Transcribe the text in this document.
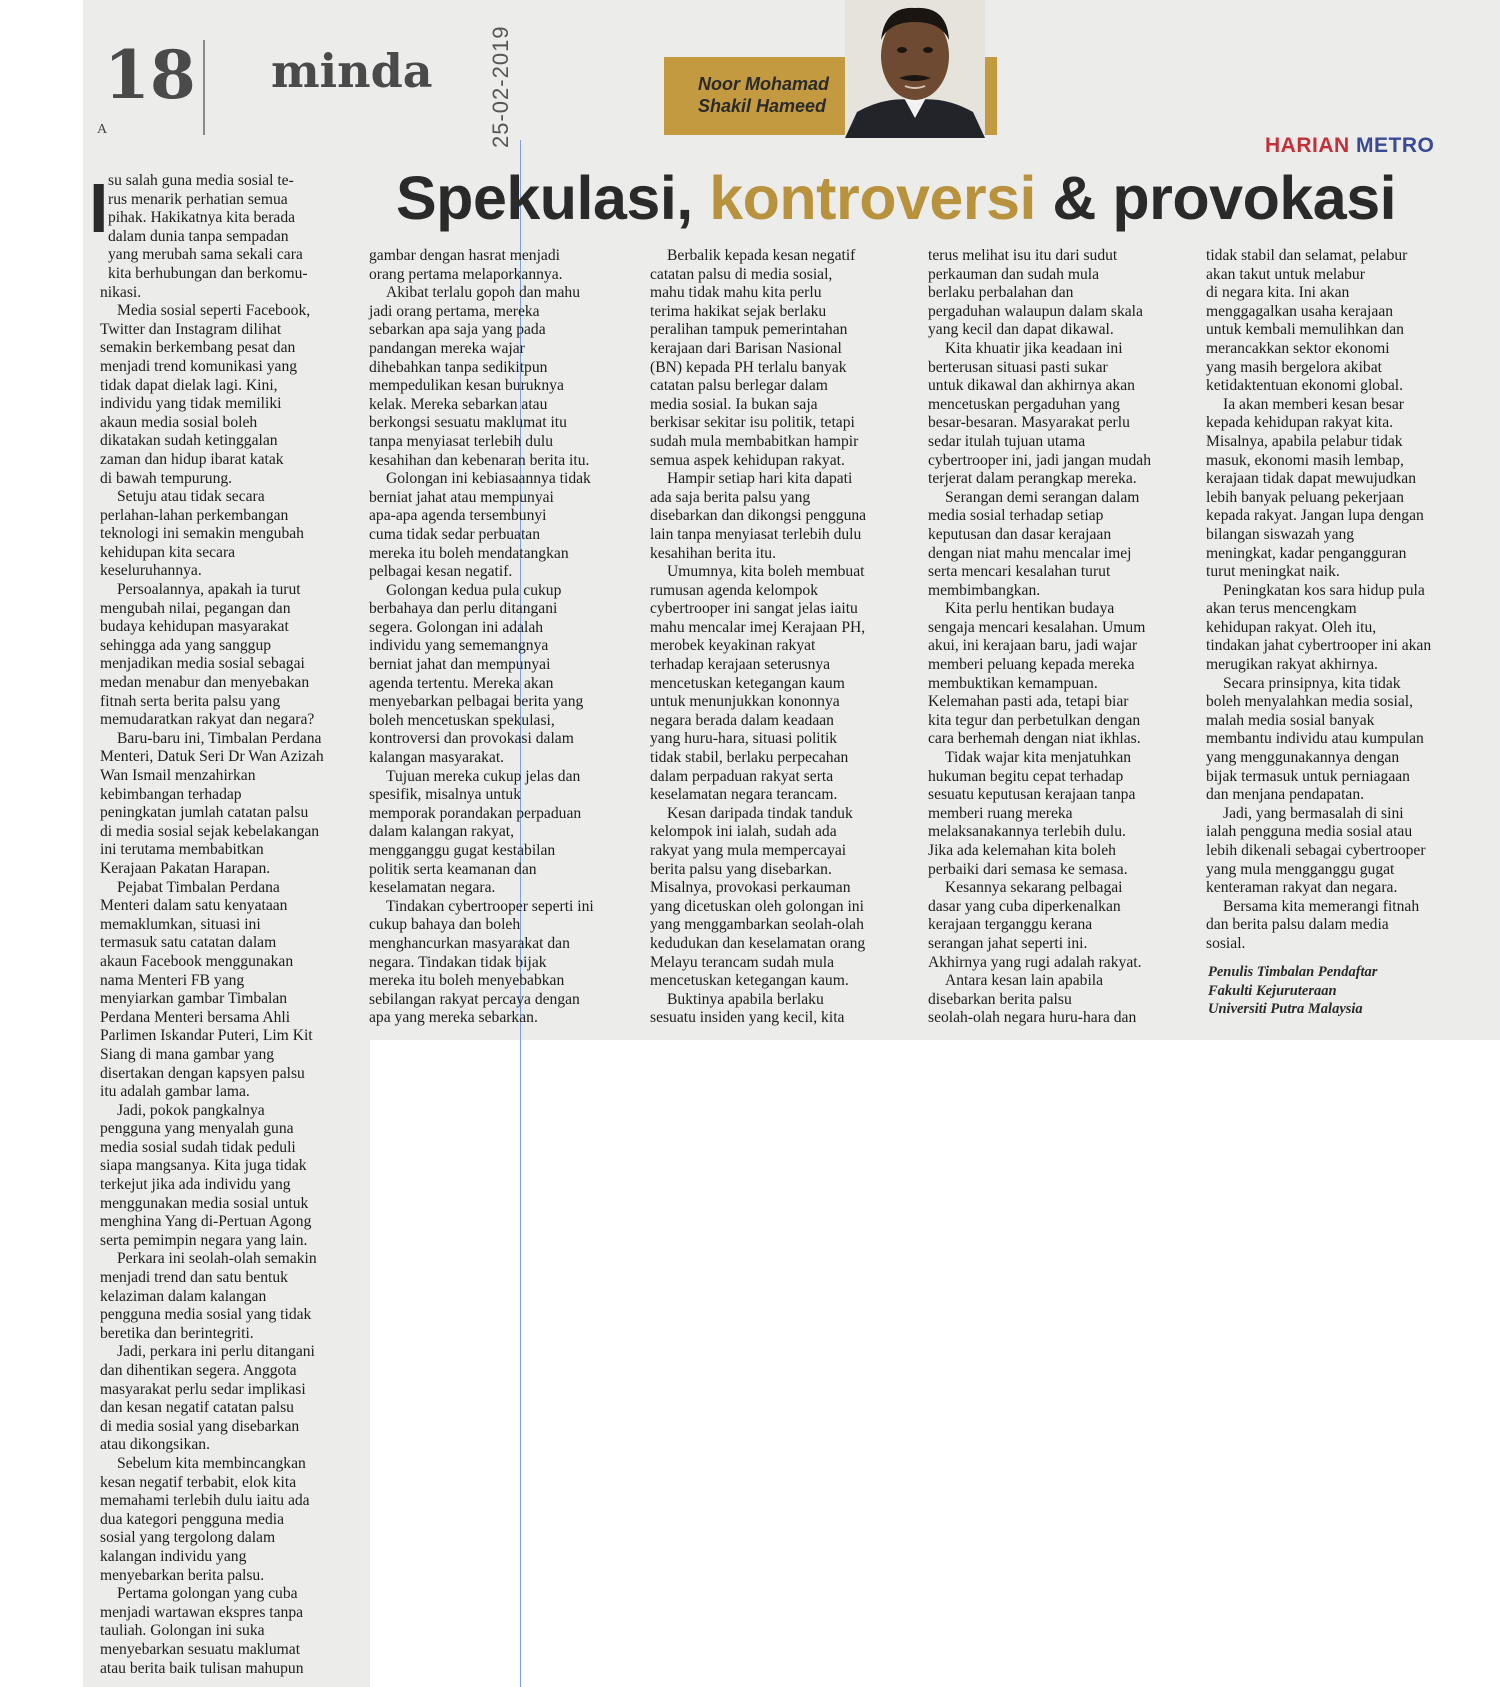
18
A
minda	25-02-2019	Noor Mohamad
Shakil Hameed
HARIAN METRO
Spekulasi, kontroversi & provokasi
I su salah guna media sosial te-
rus menarik perhatian semua
pihak. Hakikatnya kita berada
dalam dunia tanpa sempadan
yang merubah sama sekali cara
kita berhubungan dan berkomu-
nikasi.
Media sosial seperti Facebook,
Twitter dan Instagram dilihat
semakin berkembang pesat dan
menjadi trend komunikasi yang
tidak dapat dielak lagi. Kini,
individu yang tidak memiliki
akaun media sosial boleh
dikatakan sudah ketinggalan
zaman dan hidup ibarat katak
di bawah tempurung.
Setuju atau tidak secara
perlahan-lahan perkembangan
teknologi ini semakin mengubah
kehidupan kita secara
keseluruhannya.
Persoalannya, apakah ia turut
mengubah nilai, pegangan dan
budaya kehidupan masyarakat
sehingga ada yang sanggup
menjadikan media sosial sebagai
medan menabur dan menyebakan
fitnah serta berita palsu yang
memudaratkan rakyat dan negara?
Baru-baru ini, Timbalan Perdana
Menteri, Datuk Seri Dr Wan Azizah
Wan Ismail menzahirkan
kebimbangan terhadap
peningkatan jumlah catatan palsu
di media sosial sejak kebelakangan
ini terutama membabitkan
Kerajaan Pakatan Harapan.
Pejabat Timbalan Perdana
Menteri dalam satu kenyataan
memaklumkan, situasi ini
termasuk satu catatan dalam
akaun Facebook menggunakan
nama Menteri FB yang
menyiarkan gambar Timbalan
Perdana Menteri bersama Ahli
Parlimen Iskandar Puteri, Lim Kit
Siang di mana gambar yang
disertakan dengan kapsyen palsu
itu adalah gambar lama.
Jadi, pokok pangkalnya
pengguna yang menyalah guna
media sosial sudah tidak peduli
siapa mangsanya. Kita juga tidak
terkejut jika ada individu yang
menggunakan media sosial untuk
menghina Yang di-Pertuan Agong
serta pemimpin negara yang lain.
Perkara ini seolah-olah semakin
menjadi trend dan satu bentuk
kelaziman dalam kalangan
pengguna media sosial yang tidak
beretika dan berintegriti.
Jadi, perkara ini perlu ditangani
dan dihentikan segera. Anggota
masyarakat perlu sedar implikasi
dan kesan negatif catatan palsu
di media sosial yang disebarkan
atau dikongsikan.
Sebelum kita membincangkan
kesan negatif terbabit, elok kita
memahami terlebih dulu iaitu ada
dua kategori pengguna media
sosial yang tergolong dalam
kalangan individu yang
menyebarkan berita palsu.
Pertama golongan yang cuba
menjadi wartawan ekspres tanpa
tauliah. Golongan ini suka
menyebarkan sesuatu maklumat
atau berita baik tulisan mahupun
gambar dengan hasrat menjadi
orang pertama melaporkannya.
Akibat terlalu gopoh dan mahu
jadi orang pertama, mereka
sebarkan apa saja yang pada
pandangan mereka wajar
dihebahkan tanpa sedikitpun
mempedulikan kesan buruknya
kelak. Mereka sebarkan atau
berkongsi sesuatu maklumat itu
tanpa menyiasat terlebih dulu
kesahihan dan kebenaran berita itu.
Golongan ini kebiasaannya tidak
berniat jahat atau mempunyai
apa-apa agenda tersembunyi
cuma tidak sedar perbuatan
mereka itu boleh mendatangkan
pelbagai kesan negatif.
Golongan kedua pula cukup
berbahaya dan perlu ditangani
segera. Golongan ini adalah
individu yang sememangnya
berniat jahat dan mempunyai
agenda tertentu. Mereka akan
menyebarkan pelbagai berita yang
boleh mencetuskan spekulasi,
kontroversi dan provokasi dalam
kalangan masyarakat.
Tujuan mereka cukup jelas dan
spesifik, misalnya untuk
memporak porandakan perpaduan
dalam kalangan rakyat,
mengganggu gugat kestabilan
politik serta keamanan dan
keselamatan negara.
Tindakan cybertrooper seperti ini
cukup bahaya dan boleh
menghancurkan masyarakat dan
negara. Tindakan tidak bijak
mereka itu boleh menyebabkan
sebilangan rakyat percaya dengan
apa yang mereka sebarkan.
Berbalik kepada kesan negatif
catatan palsu di media sosial,
mahu tidak mahu kita perlu
terima hakikat sejak berlaku
peralihan tampuk pemerintahan
kerajaan dari Barisan Nasional
(BN) kepada PH terlalu banyak
catatan palsu berlegar dalam
media sosial. Ia bukan saja
berkisar sekitar isu politik, tetapi
sudah mula membabitkan hampir
semua aspek kehidupan rakyat.
Hampir setiap hari kita dapati
ada saja berita palsu yang
disebarkan dan dikongsi pengguna
lain tanpa menyiasat terlebih dulu
kesahihan berita itu.
Umumnya, kita boleh membuat
rumusan agenda kelompok
cybertrooper ini sangat jelas iaitu
mahu mencalar imej Kerajaan PH,
merobek keyakinan rakyat
terhadap kerajaan seterusnya
mencetuskan ketegangan kaum
untuk menunjukkan kononnya
negara berada dalam keadaan
yang huru-hara, situasi politik
tidak stabil, berlaku perpecahan
dalam perpaduan rakyat serta
keselamatan negara terancam.
Kesan daripada tindak tanduk
kelompok ini ialah, sudah ada
rakyat yang mula mempercayai
berita palsu yang disebarkan.
Misalnya, provokasi perkauman
yang dicetuskan oleh golongan ini
yang menggambarkan seolah-olah
kedudukan dan keselamatan orang
Melayu terancam sudah mula
mencetuskan ketegangan kaum.
Buktinya apabila berlaku
sesuatu insiden yang kecil, kita
terus melihat isu itu dari sudut
perkauman dan sudah mula
berlaku perbalahan dan
pergaduhan walaupun dalam skala
yang kecil dan dapat dikawal.
Kita khuatir jika keadaan ini
berterusan situasi pasti sukar
untuk dikawal dan akhirnya akan
mencetuskan pergaduhan yang
besar-besaran. Masyarakat perlu
sedar itulah tujuan utama
cybertrooper ini, jadi jangan mudah
terjerat dalam perangkap mereka.
Serangan demi serangan dalam
media sosial terhadap setiap
keputusan dan dasar kerajaan
dengan niat mahu mencalar imej
serta mencari kesalahan turut
membimbangkan.
Kita perlu hentikan budaya
sengaja mencari kesalahan. Umum
akui, ini kerajaan baru, jadi wajar
memberi peluang kepada mereka
membuktikan kemampuan.
Kelemahan pasti ada, tetapi biar
kita tegur dan perbetulkan dengan
cara berhemah dengan niat ikhlas.
Tidak wajar kita menjatuhkan
hukuman begitu cepat terhadap
sesuatu keputusan kerajaan tanpa
memberi ruang mereka
melaksanakannya terlebih dulu.
Jika ada kelemahan kita boleh
perbaiki dari semasa ke semasa.
Kesannya sekarang pelbagai
dasar yang cuba diperkenalkan
kerajaan terganggu kerana
serangan jahat seperti ini.
Akhirnya yang rugi adalah rakyat.
Antara kesan lain apabila
disebarkan berita palsu
seolah-olah negara huru-hara dan
tidak stabil dan selamat, pelabur
akan takut untuk melabur
di negara kita. Ini akan
menggagalkan usaha kerajaan
untuk kembali memulihkan dan
merancakkan sektor ekonomi
yang masih bergelora akibat
ketidaktentuan ekonomi global.
Ia akan memberi kesan besar
kepada kehidupan rakyat kita.
Misalnya, apabila pelabur tidak
masuk, ekonomi masih lembap,
kerajaan tidak dapat mewujudkan
lebih banyak peluang pekerjaan
kepada rakyat. Jangan lupa dengan
bilangan siswazah yang
meningkat, kadar pengangguran
turut meningkat naik.
Peningkatan kos sara hidup pula
akan terus mencengkam
kehidupan rakyat. Oleh itu,
tindakan jahat cybertrooper ini akan
merugikan rakyat akhirnya.
Secara prinsipnya, kita tidak
boleh menyalahkan media sosial,
malah media sosial banyak
membantu individu atau kumpulan
yang menggunakannya dengan
bijak termasuk untuk perniagaan
dan menjana pendapatan.
Jadi, yang bermasalah di sini
ialah pengguna media sosial atau
lebih dikenali sebagai cybertrooper
yang mula mengganggu gugat
kenteraman rakyat dan negara.
Bersama kita memerangi fitnah
dan berita palsu dalam media
sosial.
Penulis Timbalan Pendaftar
Fakulti Kejuruteraan
Universiti Putra Malaysia
